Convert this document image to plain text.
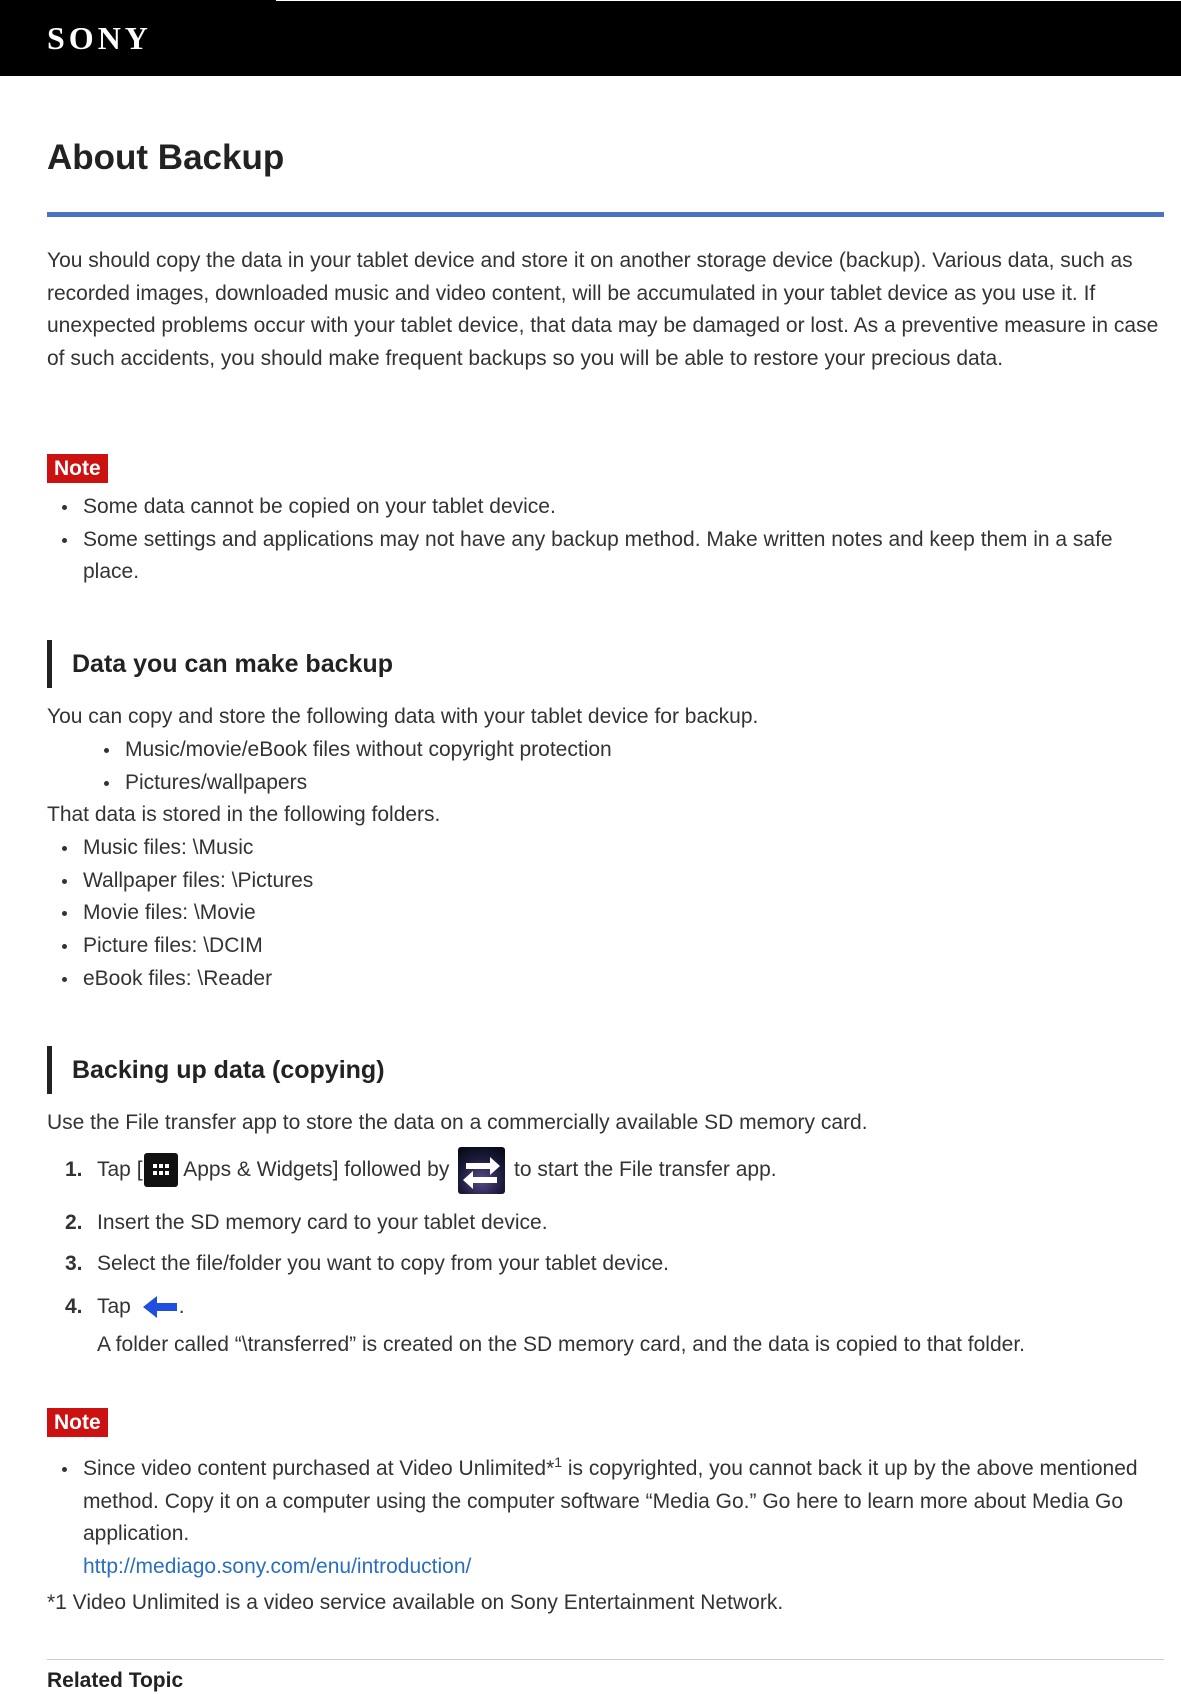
SONY
About Backup

You should copy the data in your tablet device and store it on another storage device (backup). Various data, such as recorded images, downloaded music and video content, will be accumulated in your tablet device as you use it. If unexpected problems occur with your tablet device, that data may be damaged or lost. As a preventive measure in case of such accidents, you should make frequent backups so you will be able to restore your precious data.

Note
Some data cannot be copied on your tablet device.
Some settings and applications may not have any backup method. Make written notes and keep them in a safe place.
Data you can make backup

You can copy and store the following data with your tablet device for backup.

Music/movie/eBook files without copyright protection
Pictures/wallpapers

That data is stored in the following folders.

Music files: \Music
Wallpaper files: \Pictures
Movie files: \Movie
Picture files: \DCIM
eBook files: \Reader
Backing up data (copying)

Use the File transfer app to store the data on a commercially available SD memory card.

1. Tap [
Apps & Widgets] followed by	to start the File transfer app.
2. Insert the SD memory card to your tablet device.
3. Select the file/folder you want to copy from your tablet device.
4. Tap .
A folder called “\transferred” is created on the SD memory card, and the data is copied to that folder.
Note
Since video content purchased at Video Unlimited*$^1$ is copyrighted, you cannot back it up by the above mentioned method. Copy it on a computer using the computer software “Media Go.” Go here to learn more about Media Go application.
http://mediago.sony.com/enu/introduction/

*1 Video Unlimited is a video service available on Sony Entertainment Network.

Related Topic
